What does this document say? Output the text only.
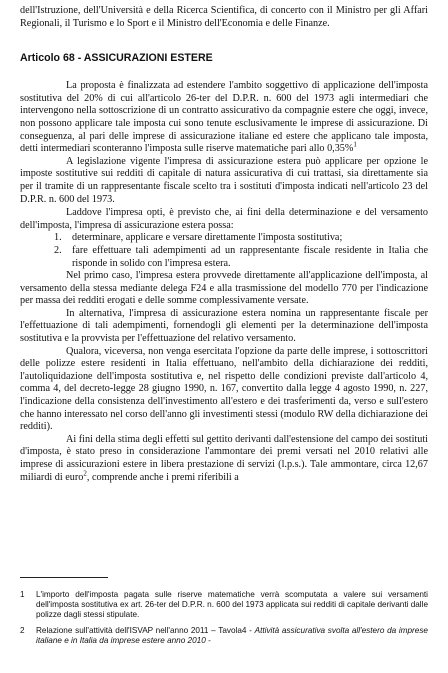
dell'Istruzione, dell'Università e della Ricerca Scientifica, di concerto con il Ministro per gli Affari Regionali, il Turismo e lo Sport e il Ministro dell'Economia e delle Finanze.

Articolo 68 - ASSICURAZIONI ESTERE

La proposta è finalizzata ad estendere l'ambito soggettivo di applicazione dell'imposta sostitutiva del 20% di cui all'articolo 26-ter del D.P.R. n. 600 del 1973 agli intermediari che intervengono nella sottoscrizione di un contratto assicurativo da compagnie estere che oggi, invece, non possono applicare tale imposta cui sono tenute esclusivamente le imprese di assicurazione. Di conseguenza, al pari delle imprese di assicurazione italiane ed estere che applicano tale imposta, detti intermediari sconteranno l'imposta sulle riserve matematiche pari allo 0,35%$^1$

A legislazione vigente l'impresa di assicurazione estera può applicare per opzione le imposte sostitutive sui redditi di capitale di natura assicurativa di cui trattasi, sia direttamente sia per il tramite di un rappresentante fiscale scelto tra i sostituti d'imposta indicati nell'articolo 23 del D.P.R. n. 600 del 1973.

Laddove l'impresa opti, è previsto che, ai fini della determinazione e del versamento dell'imposta, l'impresa di assicurazione estera possa:

1. determinare, applicare e versare direttamente l'imposta sostitutiva;
2. fare effettuare tali adempimenti ad un rappresentante fiscale residente in Italia che risponde in solido con l'impresa estera.

Nel primo caso, l'impresa estera provvede direttamente all'applicazione dell'imposta, al versamento della stessa mediante delega F24 e alla trasmissione del modello 770 per l'indicazione per massa dei redditi erogati e delle somme complessivamente versate.

In alternativa, l'impresa di assicurazione estera nomina un rappresentante fiscale per l'effettuazione di tali adempimenti, fornendogli gli elementi per la determinazione dell'imposta sostitutiva e la provvista per l'effettuazione del relativo versamento.

Qualora, viceversa, non venga esercitata l'opzione da parte delle imprese, i sottoscrittori delle polizze estere residenti in Italia effettuano, nell'ambito della dichiarazione dei redditi, l'autoliquidazione dell'imposta sostitutiva e, nel rispetto delle condizioni previste dall'articolo 4, comma 4, del decreto-legge 28 giugno 1990, n. 167, convertito dalla legge 4 agosto 1990, n. 227, l'indicazione della consistenza dell'investimento all'estero e dei trasferimenti da, verso e sull'estero che hanno interessato nel corso dell'anno gli investimenti stessi (modulo RW della dichiarazione dei redditi).

Ai fini della stima degli effetti sul gettito derivanti dall'estensione del campo dei sostituti d'imposta, è stato preso in considerazione l'ammontare dei premi versati nel 2010 relativi alle imprese di assicurazioni estere in libera prestazione di servizi (l.p.s.). Tale ammontare, circa 12,67 miliardi di euro$^2$, comprende anche i premi riferibili a

1 L'importo dell'imposta pagata sulle riserve matematiche verrà scomputata a valere sui versamenti dell'imposta sostitutiva ex art. 26-ter del D.P.R. n. 600 del 1973 applicata sui redditi di capitale derivanti dalle polizze dagli stessi stipulate.

2 Relazione sull'attività dell'ISVAP nell'anno 2011 – Tavola4 - Attività assicurativa svolta all'estero da imprese italiane e in Italia da imprese estere anno 2010 -
